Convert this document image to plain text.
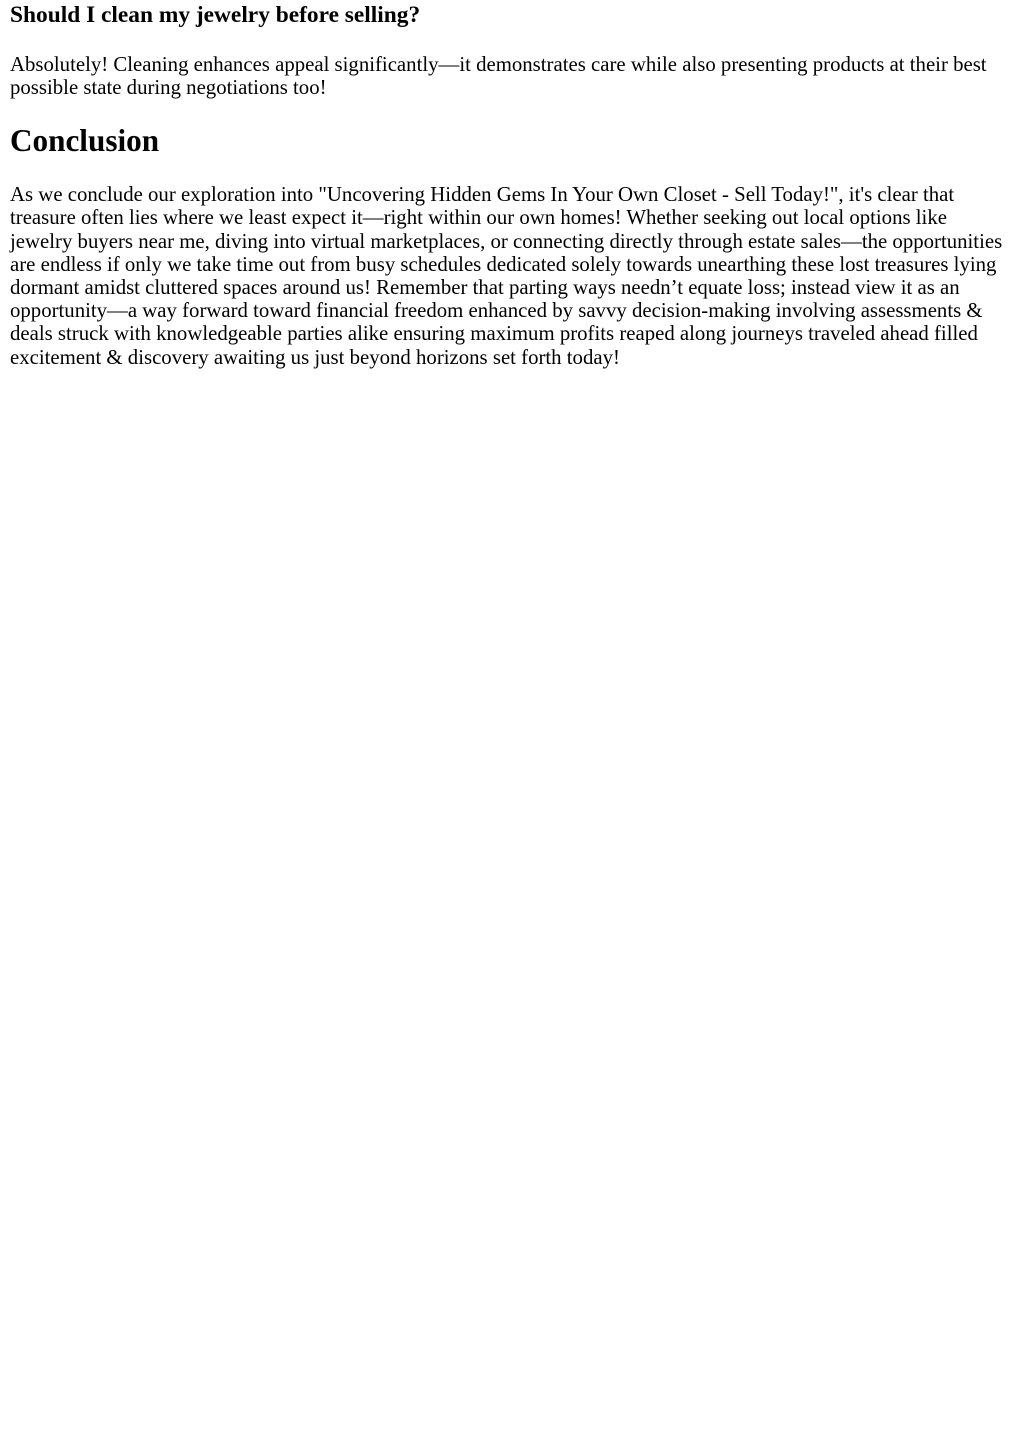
Should I clean my jewelry before selling?

Absolutely! Cleaning enhances appeal significantly—it demonstrates care while also presenting products at their best possible state during negotiations too!

Conclusion

As we conclude our exploration into "Uncovering Hidden Gems In Your Own Closet - Sell Today!", it's clear that treasure often lies where we least expect it—right within our own homes! Whether seeking out local options like jewelry buyers near me, diving into virtual marketplaces, or connecting directly through estate sales—the opportunities are endless if only we take time out from busy schedules dedicated solely towards unearthing these lost treasures lying dormant amidst cluttered spaces around us! Remember that parting ways needn’t equate loss; instead view it as an opportunity—a way forward toward financial freedom enhanced by savvy decision-making involving assessments & deals struck with knowledgeable parties alike ensuring maximum profits reaped along journeys traveled ahead filled excitement & discovery awaiting us just beyond horizons set forth today!
